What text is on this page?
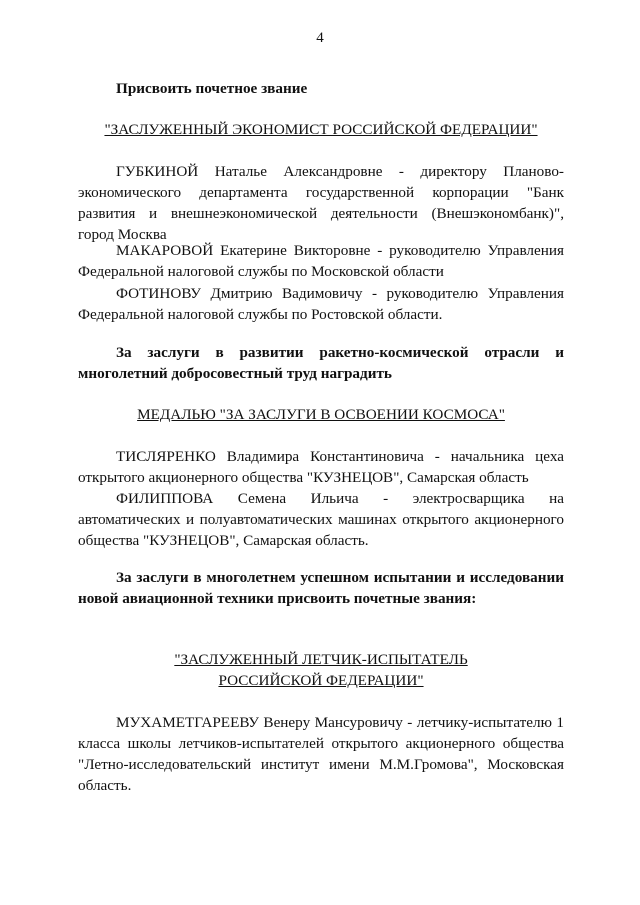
4

Присвоить почетное звание

"ЗАСЛУЖЕННЫЙ ЭКОНОМИСТ РОССИЙСКОЙ ФЕДЕРАЦИИ"

ГУБКИНОЙ Наталье Александровне - директору Планово-экономического департамента государственной корпорации "Банк развития и внешнеэкономической деятельности (Внешэкономбанк)", город Москва

МАКАРОВОЙ Екатерине Викторовне - руководителю Управления Федеральной налоговой службы по Московской области

ФОТИНОВУ Дмитрию Вадимовичу - руководителю Управления Федеральной налоговой службы по Ростовской области.

За заслуги в развитии ракетно-космической отрасли и многолетний добросовестный труд наградить

МЕДАЛЬЮ "ЗА ЗАСЛУГИ В ОСВОЕНИИ КОСМОСА"

ТИСЛЯРЕНКО Владимира Константиновича - начальника цеха открытого акционерного общества "КУЗНЕЦОВ", Самарская область

ФИЛИППОВА Семена Ильича - электросварщика на автоматических и полуавтоматических машинах открытого акционерного общества "КУЗНЕЦОВ", Самарская область.

За заслуги в многолетнем успешном испытании и исследовании новой авиационной техники присвоить почетные звания:

"ЗАСЛУЖЕННЫЙ ЛЕТЧИК-ИСПЫТАТЕЛЬ

РОССИЙСКОЙ ФЕДЕРАЦИИ"

МУХАМЕТГАРЕЕВУ Венеру Мансуровичу - летчику-испытателю 1 класса школы летчиков-испытателей открытого акционерного общества "Летно-исследовательский институт имени М.М.Громова", Московская область.
